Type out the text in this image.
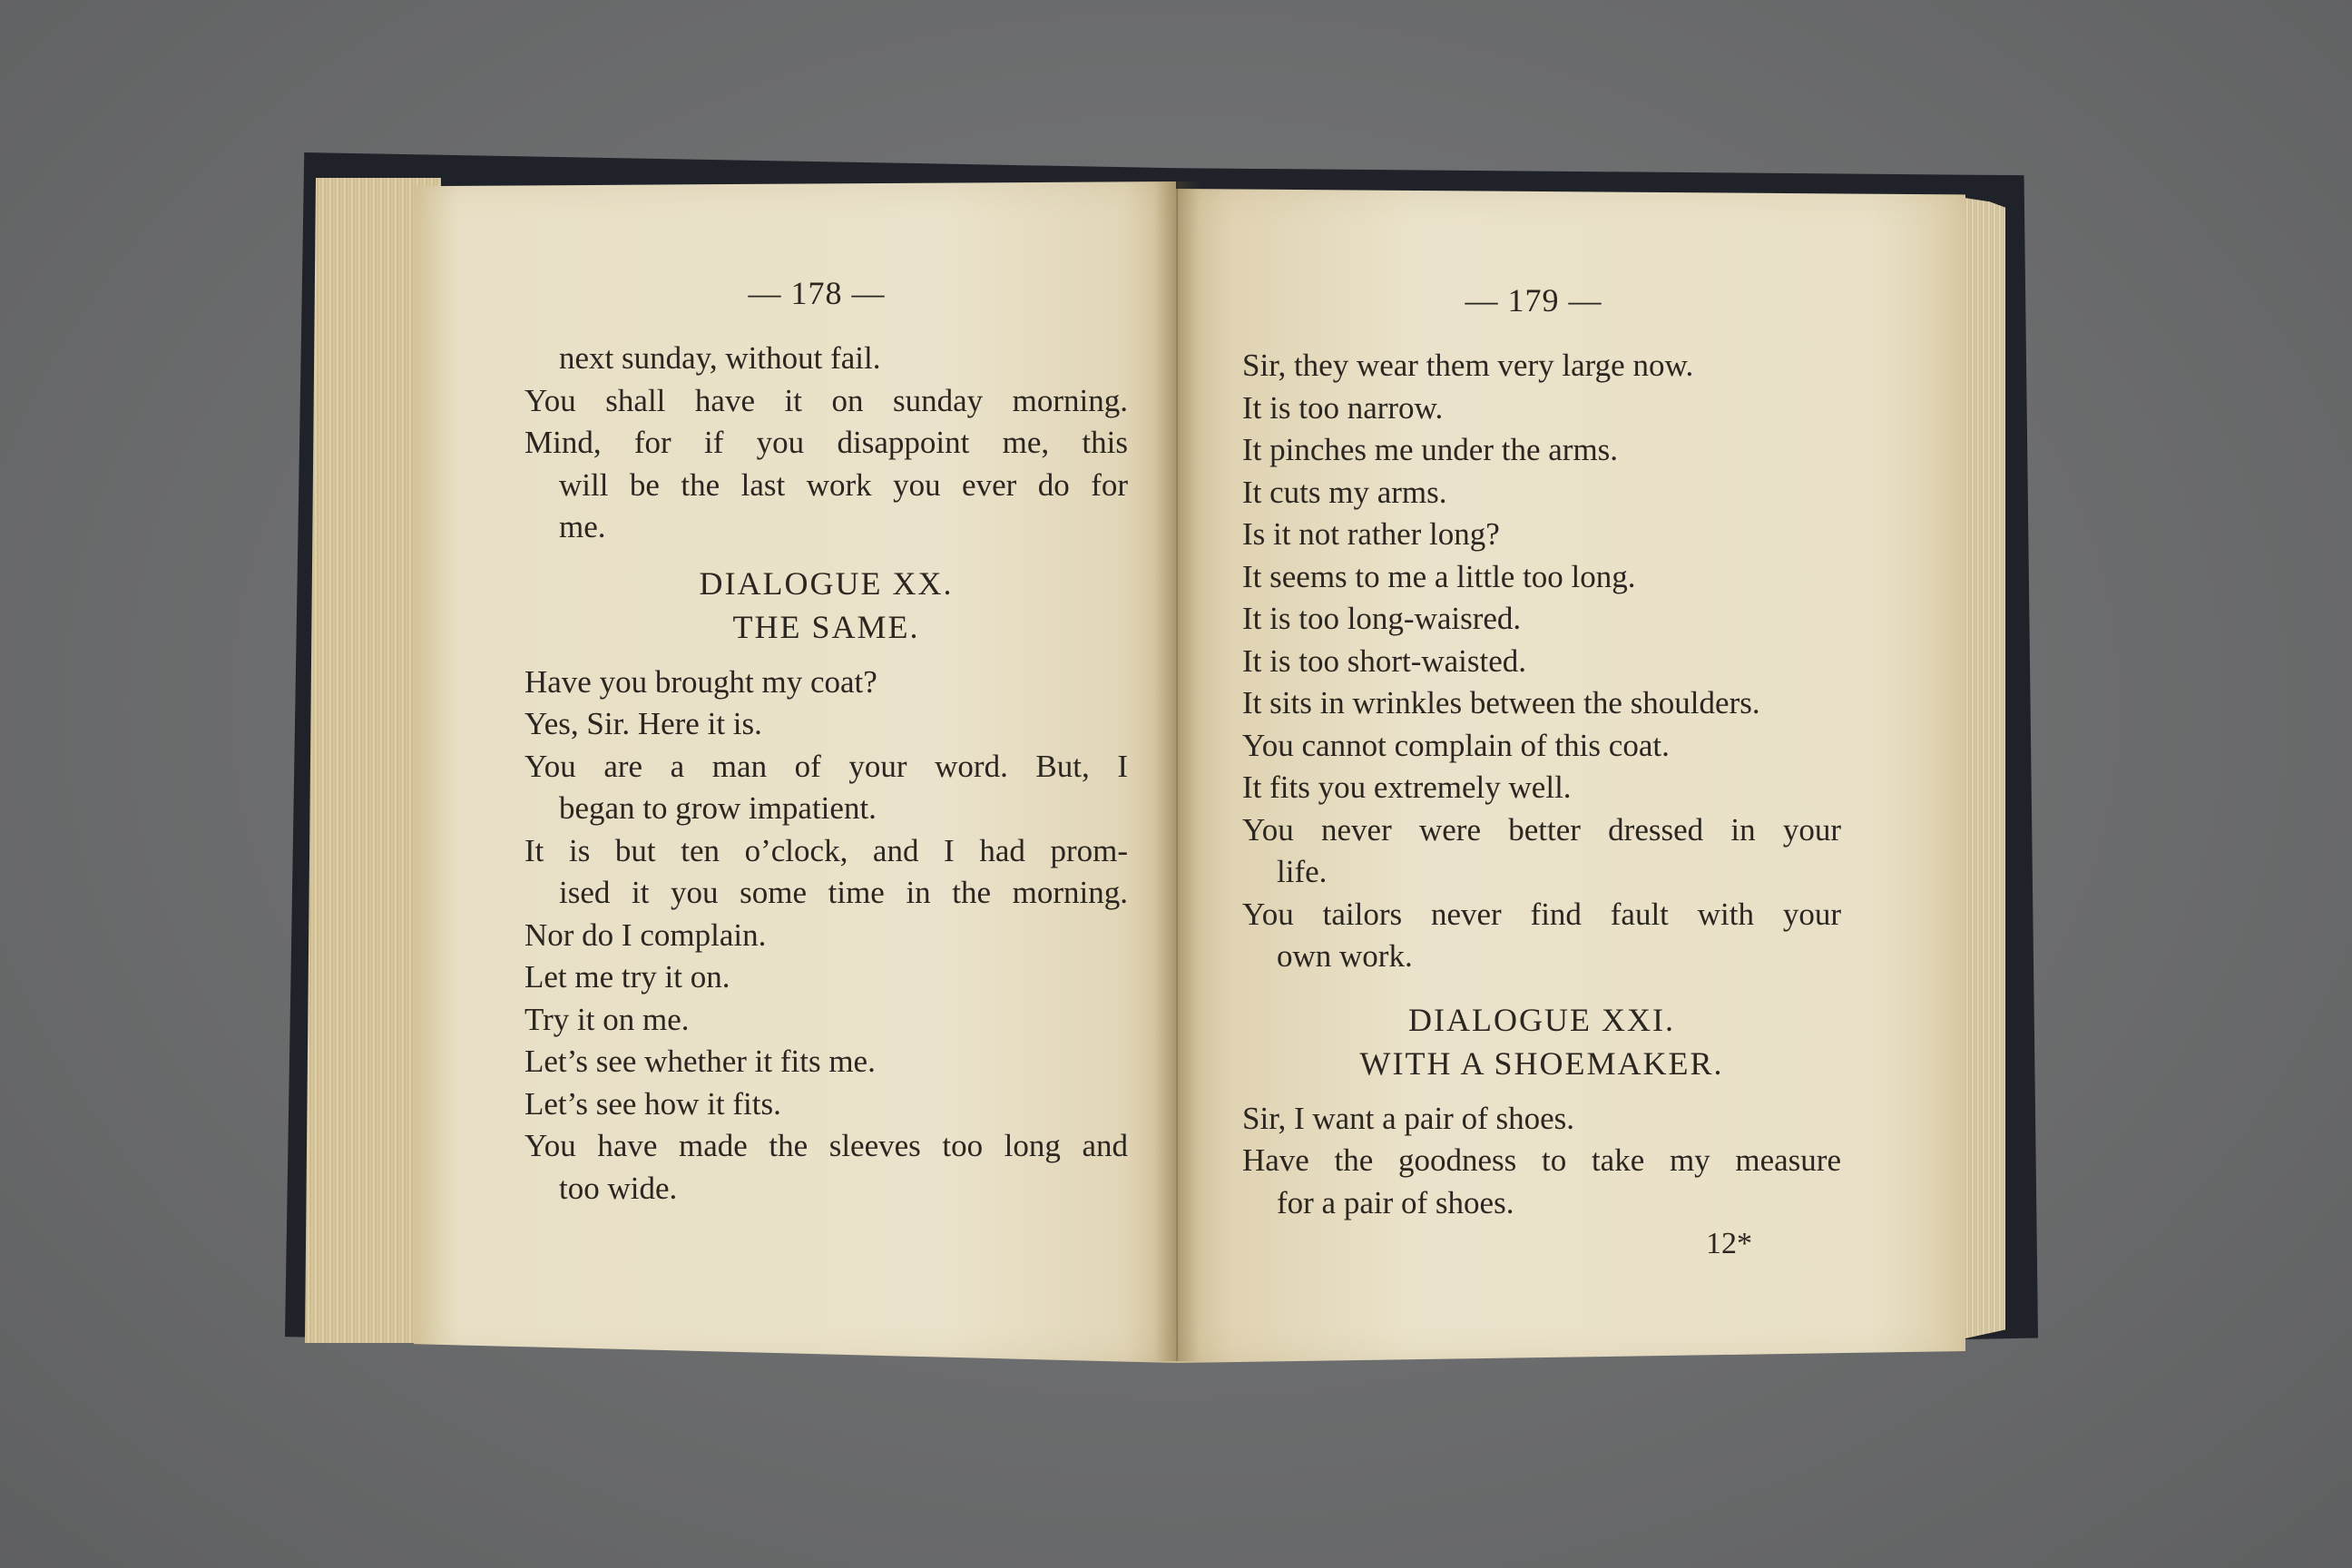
— 178 —
next sunday, without fail.
You shall have it on sunday morning.
Mind, for if you disappoint me, this
will be the last work you ever do for
me.
DIALOGUE XX.
THE SAME.
Have you brought my coat?
Yes, Sir. Here it is.
You are a man of your word. But, I
began to grow impatient.
It is but ten o’clock, and I had prom-
ised it you some time in the morning.
Nor do I complain.
Let me try it on.
Try it on me.
Let’s see whether it fits me.
Let’s see how it fits.
You have made the sleeves too long and
too wide.
— 179 —
Sir, they wear them very large now.
It is too narrow.
It pinches me under the arms.
It cuts my arms.
Is it not rather long?
It seems to me a little too long.
It is too long-waisred.
It is too short-waisted.
It sits in wrinkles between the shoulders.
You cannot complain of this coat.
It fits you extremely well.
You never were better dressed in your
life.
You tailors never find fault with your
own work.
DIALOGUE XXI.
WITH A SHOEMAKER.
Sir, I want a pair of shoes.
Have the goodness to take my measure
for a pair of shoes.
12*
